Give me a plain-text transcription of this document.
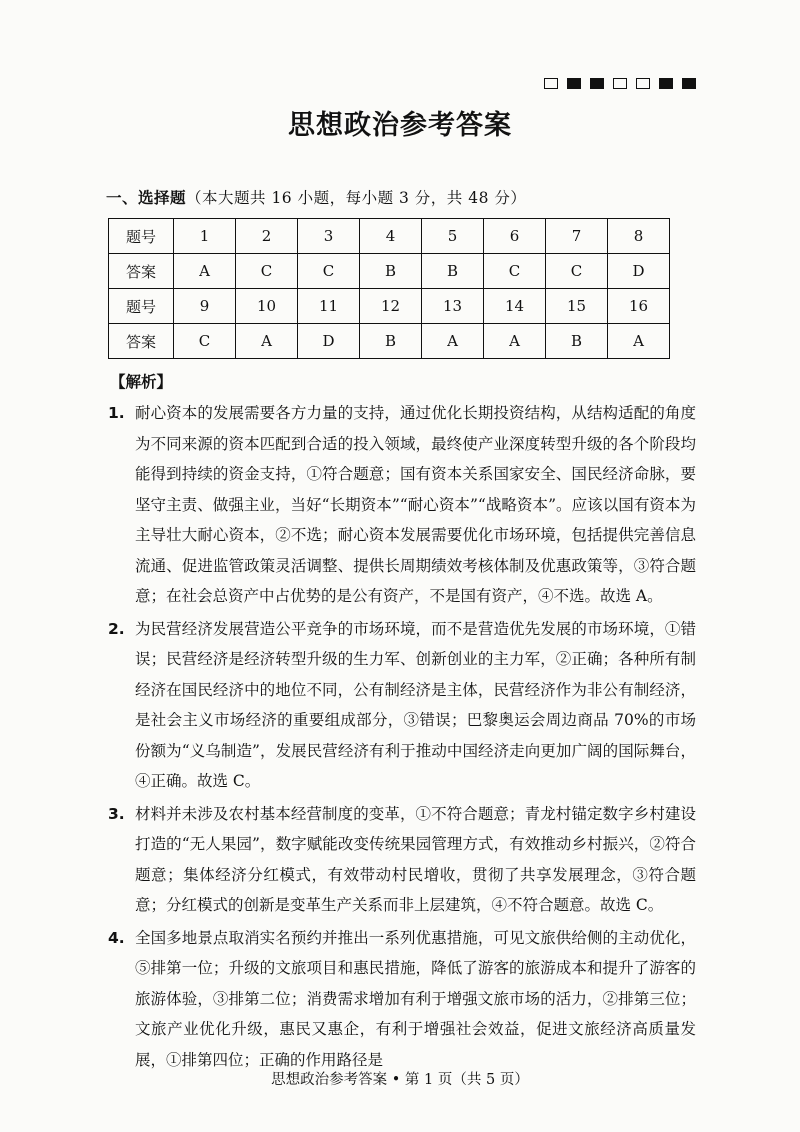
思想政治参考答案
一、选择题（本大题共 16 小题，每小题 3 分，共 48 分）
题号	1	2	3	4	5	6	7	8
答案	A	C	C	B	B	C	C	D
题号	9	10	11	12	13	14	15	16
答案	C	A	D	B	A	A	B	A
【解析】
1. 耐心资本的发展需要各方力量的支持，通过优化长期投资结构，从结构适配的角度为不同来源的资本匹配到合适的投入领域，最终使产业深度转型升级的各个阶段均能得到持续的资金支持，①符合题意；国有资本关系国家安全、国民经济命脉，要坚守主责、做强主业，当好“长期资本”“耐心资本”“战略资本”。应该以国有资本为主导壮大耐心资本，②不选；耐心资本发展需要优化市场环境，包括提供完善信息流通、促进监管政策灵活调整、提供长周期绩效考核体制及优惠政策等，③符合题意；在社会总资产中占优势的是公有资产，不是国有资产，④不选。故选 A。
2. 为民营经济发展营造公平竞争的市场环境，而不是营造优先发展的市场环境，①错误；民营经济是经济转型升级的生力军、创新创业的主力军，②正确；各种所有制经济在国民经济中的地位不同，公有制经济是主体，民营经济作为非公有制经济，是社会主义市场经济的重要组成部分，③错误；巴黎奥运会周边商品 70%的市场份额为“义乌制造”，发展民营经济有利于推动中国经济走向更加广阔的国际舞台，④正确。故选 C。
3. 材料并未涉及农村基本经营制度的变革，①不符合题意；青龙村锚定数字乡村建设打造的“无人果园”，数字赋能改变传统果园管理方式，有效推动乡村振兴，②符合题意；集体经济分红模式，有效带动村民增收，贯彻了共享发展理念，③符合题意；分红模式的创新是变革生产关系而非上层建筑，④不符合题意。故选 C。
4. 全国多地景点取消实名预约并推出一系列优惠措施，可见文旅供给侧的主动优化，⑤排第一位；升级的文旅项目和惠民措施，降低了游客的旅游成本和提升了游客的旅游体验，③排第二位；消费需求增加有利于增强文旅市场的活力，②排第三位；文旅产业优化升级，惠民又惠企，有利于增强社会效益，促进文旅经济高质量发展，①排第四位；正确的作用路径是
思想政治参考答案 • 第 1 页（共 5 页）
